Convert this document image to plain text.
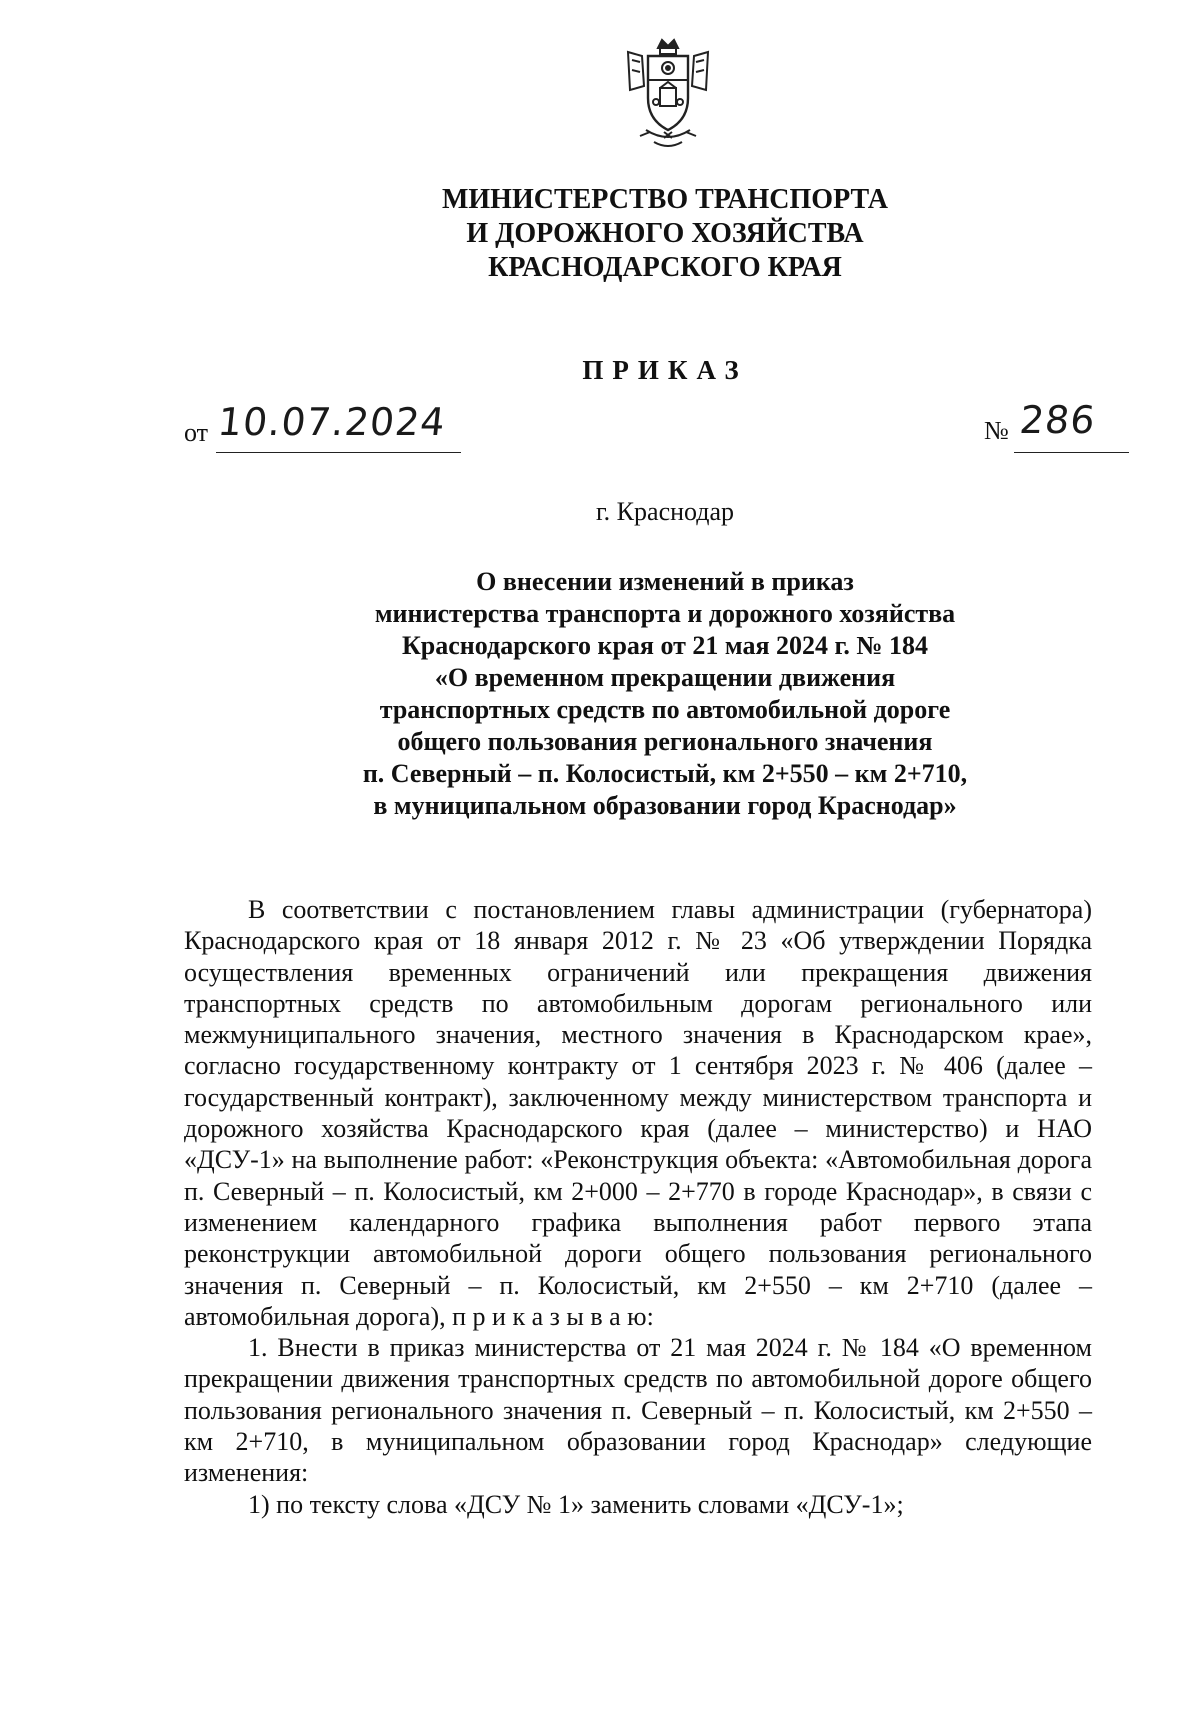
МИНИСТЕРСТВО ТРАНСПОРТА
И ДОРОЖНОГО ХОЗЯЙСТВА
КРАСНОДАРСКОГО КРАЯ
ПРИКАЗ
от 10.07.2024	№ 286
г. Краснодар
О внесении изменений в приказ
министерства транспорта и дорожного хозяйства
Краснодарского края от 21 мая 2024 г. № 184
«О временном прекращении движения
транспортных средств по автомобильной дороге
общего пользования регионального значения
п. Северный – п. Колосистый, км 2+550 – км 2+710,
в муниципальном образовании город Краснодар»

В соответствии с постановлением главы администрации (губернатора) Краснодарского края от 18 января 2012 г. № 23 «Об утверждении Порядка осуществления временных ограничений или прекращения движения транспортных средств по автомобильным дорогам регионального или межмуниципального значения, местного значения в Краснодарском крае», согласно государственному контракту от 1 сентября 2023 г. № 406 (далее – государственный контракт), заключенному между министерством транспорта и дорожного хозяйства Краснодарского края (далее – министерство) и НАО «ДСУ-1» на выполнение работ: «Реконструкция объекта: «Автомобильная дорога п. Северный – п. Колосистый, км 2+000 – 2+770 в городе Краснодар», в связи с изменением календарного графика выполнения работ первого этапа реконструкции автомобильной дороги общего пользования регионального значения п. Северный – п. Колосистый, км 2+550 – км 2+710 (далее – автомобильная дорога), п р и к а з ы в а ю:

1. Внести в приказ министерства от 21 мая 2024 г. № 184 «О временном прекращении движения транспортных средств по автомобильной дороге общего пользования регионального значения п. Северный – п. Колосистый, км 2+550 – км 2+710, в муниципальном образовании город Краснодар» следующие изменения:

1) по тексту слова «ДСУ № 1» заменить словами «ДСУ-1»;
